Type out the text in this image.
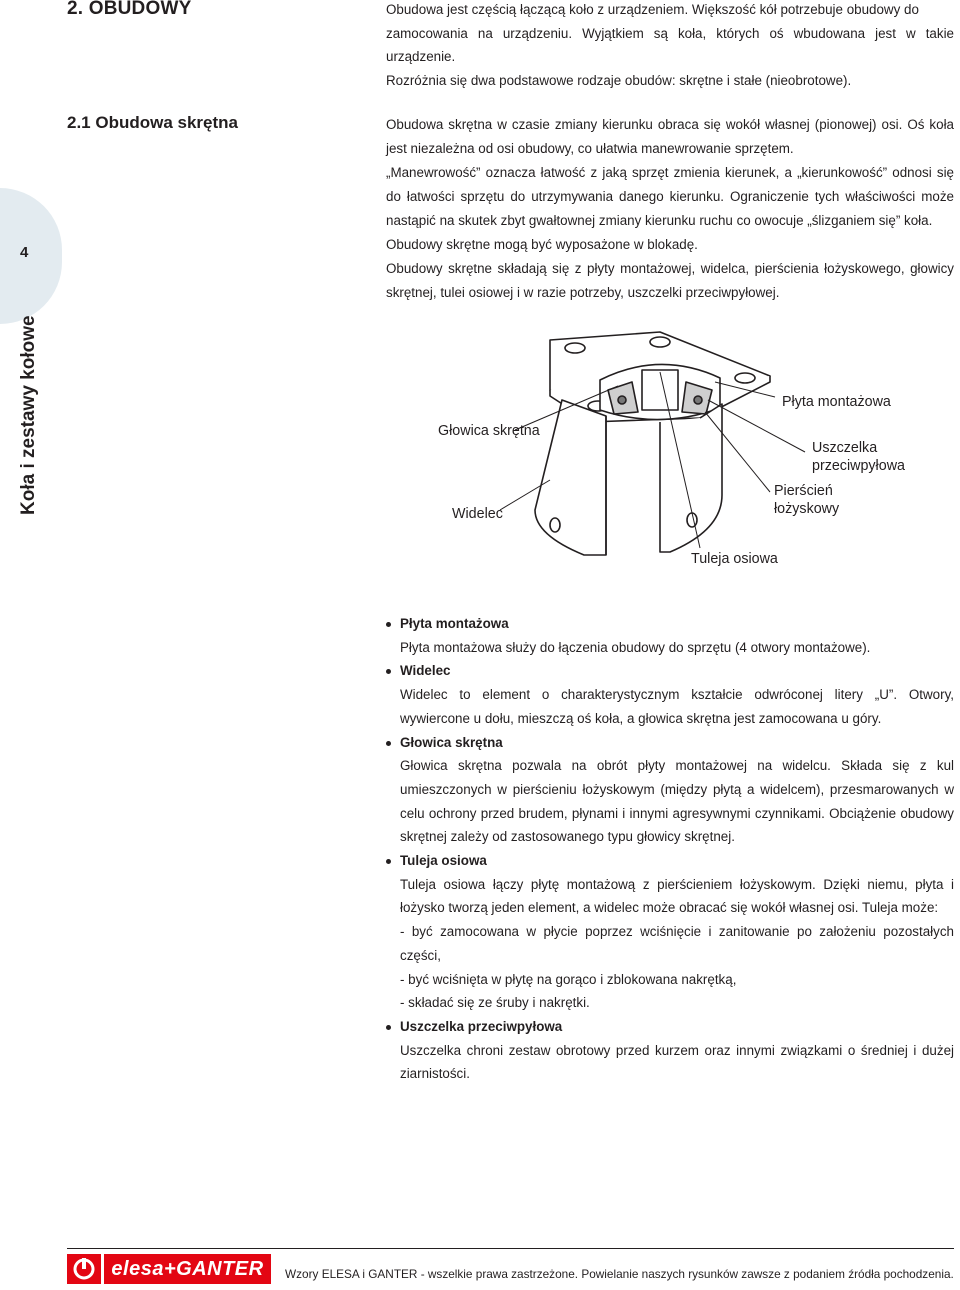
2. OBUDOWY	Obudowa jest częścią łączącą koło z urządzeniem. Większość kół potrzebuje obudowy do

zamocowania na urządzeniu. Wyjątkiem są koła, których oś wbudowana jest w takie urządzenie.

Rozróżnia się dwa podstawowe rodzaje obudów: skrętne i stałe (nieobrotowe).

2.1 Obudowa skrętna	Obudowa skrętna w czasie zmiany kierunku obraca się wokół własnej (pionowej) osi. Oś koła jest niezależna od osi obudowy, co ułatwia manewrowanie sprzętem.

„Manewrowość” oznacza łatwość z jaką sprzęt zmienia kierunek, a „kierunkowość” odnosi się do łatwości sprzętu do utrzymywania danego kierunku. Ograniczenie tych właściwości może nastąpić na skutek zbyt gwałtownej zmiany kierunku ruchu co owocuje „ślizganiem się” koła.

Obudowy skrętne mogą być wyposażone w blokadę.

Obudowy skrętne składają się z płyty montażowej, widelca, pierścienia łożyskowego, głowicy skrętnej, tulei osiowej i w razie potrzeby, uszczelki przeciwpyłowej.

4
Koła i zestawy kołowe	Głowica skrętna
Widelec
Płyta montażowa
Uszczelka
przeciwpyłowa
Pierścień
łożyskowy
Tuleja osiowa
Płyta montażowa
Płyta montażowa służy do łączenia obudowy do sprzętu (4 otwory montażowe).
Widelec
Widelec to element o charakterystycznym kształcie odwróconej litery „U”. Otwory, wywiercone u dołu, mieszczą oś koła, a głowica skrętna jest zamocowana u góry.
Głowica skrętna
Głowica skrętna pozwala na obrót płyty montażowej na widelcu. Składa się z kul umieszczonych w pierścieniu łożyskowym (między płytą a widelcem), przesmarowanych w celu ochrony przed brudem, płynami i innymi agresywnymi czynnikami. Obciążenie obudowy skrętnej zależy od zastosowanego typu głowicy skrętnej.
Tuleja osiowa
Tuleja osiowa łączy płytę montażową z pierścieniem łożyskowym. Dzięki niemu, płyta i łożysko tworzą jeden element, a widelec może obracać się wokół własnej osi. Tuleja może:
- być zamocowana w płycie poprzez wciśnięcie i zanitowanie po założeniu pozostałych części,
- być wciśnięta w płytę na gorąco i zblokowana nakrętką,
- składać się ze śruby i nakrętki.
Uszczelka przeciwpyłowa
Uszczelka chroni zestaw obrotowy przed kurzem oraz innymi związkami o średniej i dużej ziarnistości.
elesa+GANTER	Wzory ELESA i GANTER - wszelkie prawa zastrzeżone. Powielanie naszych rysunków zawsze z podaniem źródła pochodzenia.
